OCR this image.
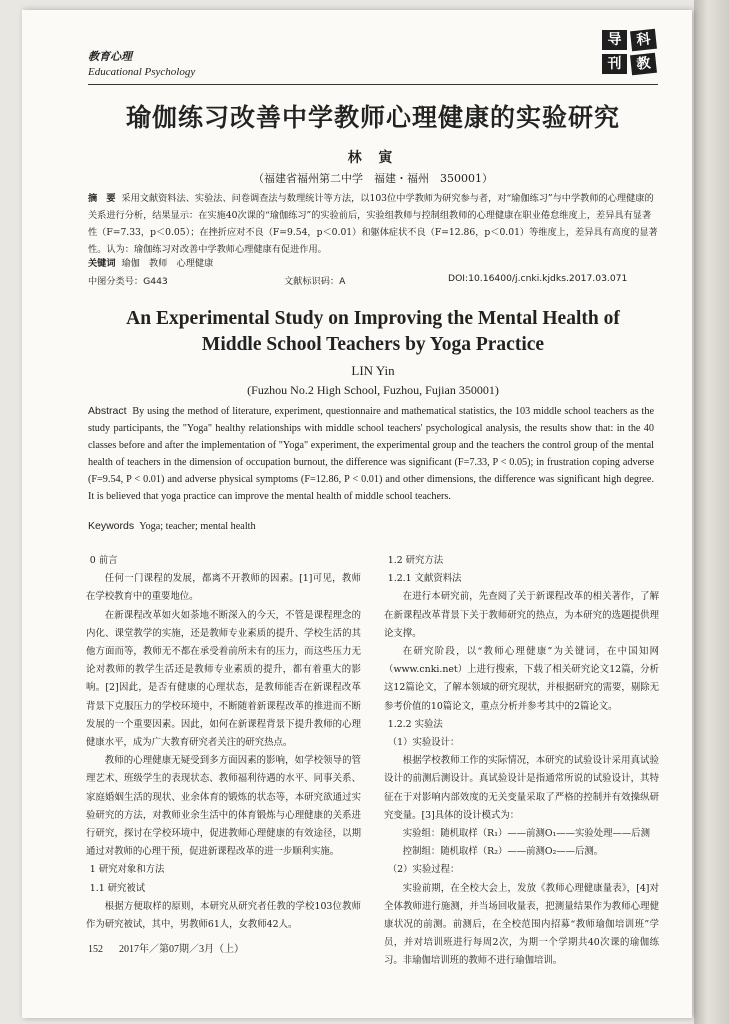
教育心理
Educational Psychology
导	科
刊	教
瑜伽练习改善中学教师心理健康的实验研究
林 寅
（福建省福州第二中学　福建・福州　350001）
摘　要 采用文献资料法、实验法、问卷调查法与数理统计等方法，以103位中学教师为研究参与者，对“瑜伽练习”与中学教师的心理健康的关系进行分析，结果显示：在实施40次课的“瑜伽练习”的实验前后，实验组教师与控制组教师的心理健康在职业倦怠维度上，差异具有显著性（F=7.33，p＜0.05）；在挫折应对不良（F=9.54，p＜0.01）和躯体症状不良（F=12.86，p＜0.01）等维度上，差异具有高度的显著性。认为：瑜伽练习对改善中学教师心理健康有促进作用。
关键词 瑜伽　教师　心理健康
中图分类号：G443	文献标识码：A	DOI:10.16400/j.cnki.kjdks.2017.03.071
An Experimental Study on Improving the Mental Health of
Middle School Teachers by Yoga Practice
LIN Yin
(Fuzhou No.2 High School, Fuzhou, Fujian 350001)
Abstract By using the method of literature, experiment, questionnaire and mathematical statistics, the 103 middle school teachers as the study participants, the "Yoga" healthy relationships with middle school teachers' psychological analysis, the results show that: in the 40 classes before and after the implementation of "Yoga" experiment, the experimental group and the teachers the control group of the mental health of teachers in the dimension of occupation burnout, the difference was significant (F=7.33, P < 0.05); in frustration coping adverse (F=9.54, P < 0.01) and adverse physical symptoms (F=12.86, P < 0.01) and other dimensions, the difference was significant high degree. It is believed that yoga practice can improve the mental health of middle school teachers.
Keywords Yoga; teacher; mental health

0 前言

任何一门课程的发展，都离不开教师的因素。[1]可见，教师在学校教育中的重要地位。

在新课程改革如火如荼地不断深入的今天，不管是课程理念的内化、课堂教学的实施，还是教师专业素质的提升、学校生活的其他方面而等，教师无不都在承受着前所未有的压力，而这些压力无论对教师的教学生活还是教师专业素质的提升，都有着重大的影响。[2]因此，是否有健康的心理状态，是教师能否在新课程改革背景下克服压力的学校环境中，不断随着新课程改革的推进而不断发展的一个重要因素。因此，如何在新课程背景下提升教师的心理健康水平，成为广大教育研究者关注的研究热点。

教师的心理健康无疑受到多方面因素的影响，如学校领导的管理艺术、班级学生的表现状态、教师福利待遇的水平、同事关系、家庭婚姻生活的现状、业余体育的锻炼的状态等，本研究欲通过实验研究的方法，对教师业余生活中的体育锻炼与心理健康的关系进行研究，探讨在学校环境中，促进教师心理健康的有效途径，以期通过对教师的心理干预，促进新课程改革的进一步顺利实施。

1 研究对象和方法

1.1 研究被试

根据方便取样的原则，本研究从研究者任教的学校103位教师作为研究被试，其中，男教师61人，女教师42人。

1.2 研究方法

1.2.1 文献资料法

在进行本研究前，先查阅了关于新课程改革的相关著作，了解在新课程改革背景下关于教师研究的热点，为本研究的选题提供理论支撑。

在研究阶段，以“教师心理健康”为关键词，在中国知网（www.cnki.net）上进行搜索，下载了相关研究论文12篇，分析这12篇论文，了解本领域的研究现状，并根据研究的需要，剔除无参考价值的10篇论文，重点分析并参考其中的2篇论文。

1.2.2 实验法

（1）实验设计：

根据学校教师工作的实际情况，本研究的试验设计采用真试验设计的前测后测设计。真试验设计是指通常所说的试验设计，其特征在于对影响内部效度的无关变量采取了严格的控制并有效操纵研究变量。[3]具体的设计模式为：

实验组：随机取样（R₁）——前测O₁——实验处理——后测

控制组：随机取样（R₂）——前测O₂——后测。

（2）实验过程：

实验前期，在全校大会上，发放《教师心理健康量表》，[4]对全体教师进行施测，并当场回收量表，把测量结果作为教师心理健康状况的前测。前测后，在全校范围内招募“教师瑜伽培训班”学员，并对培训班进行每周2次，为期一个学期共40次课的瑜伽练习。非瑜伽培训班的教师不进行瑜伽培训。

152 2017年／第07期／3月（上）
